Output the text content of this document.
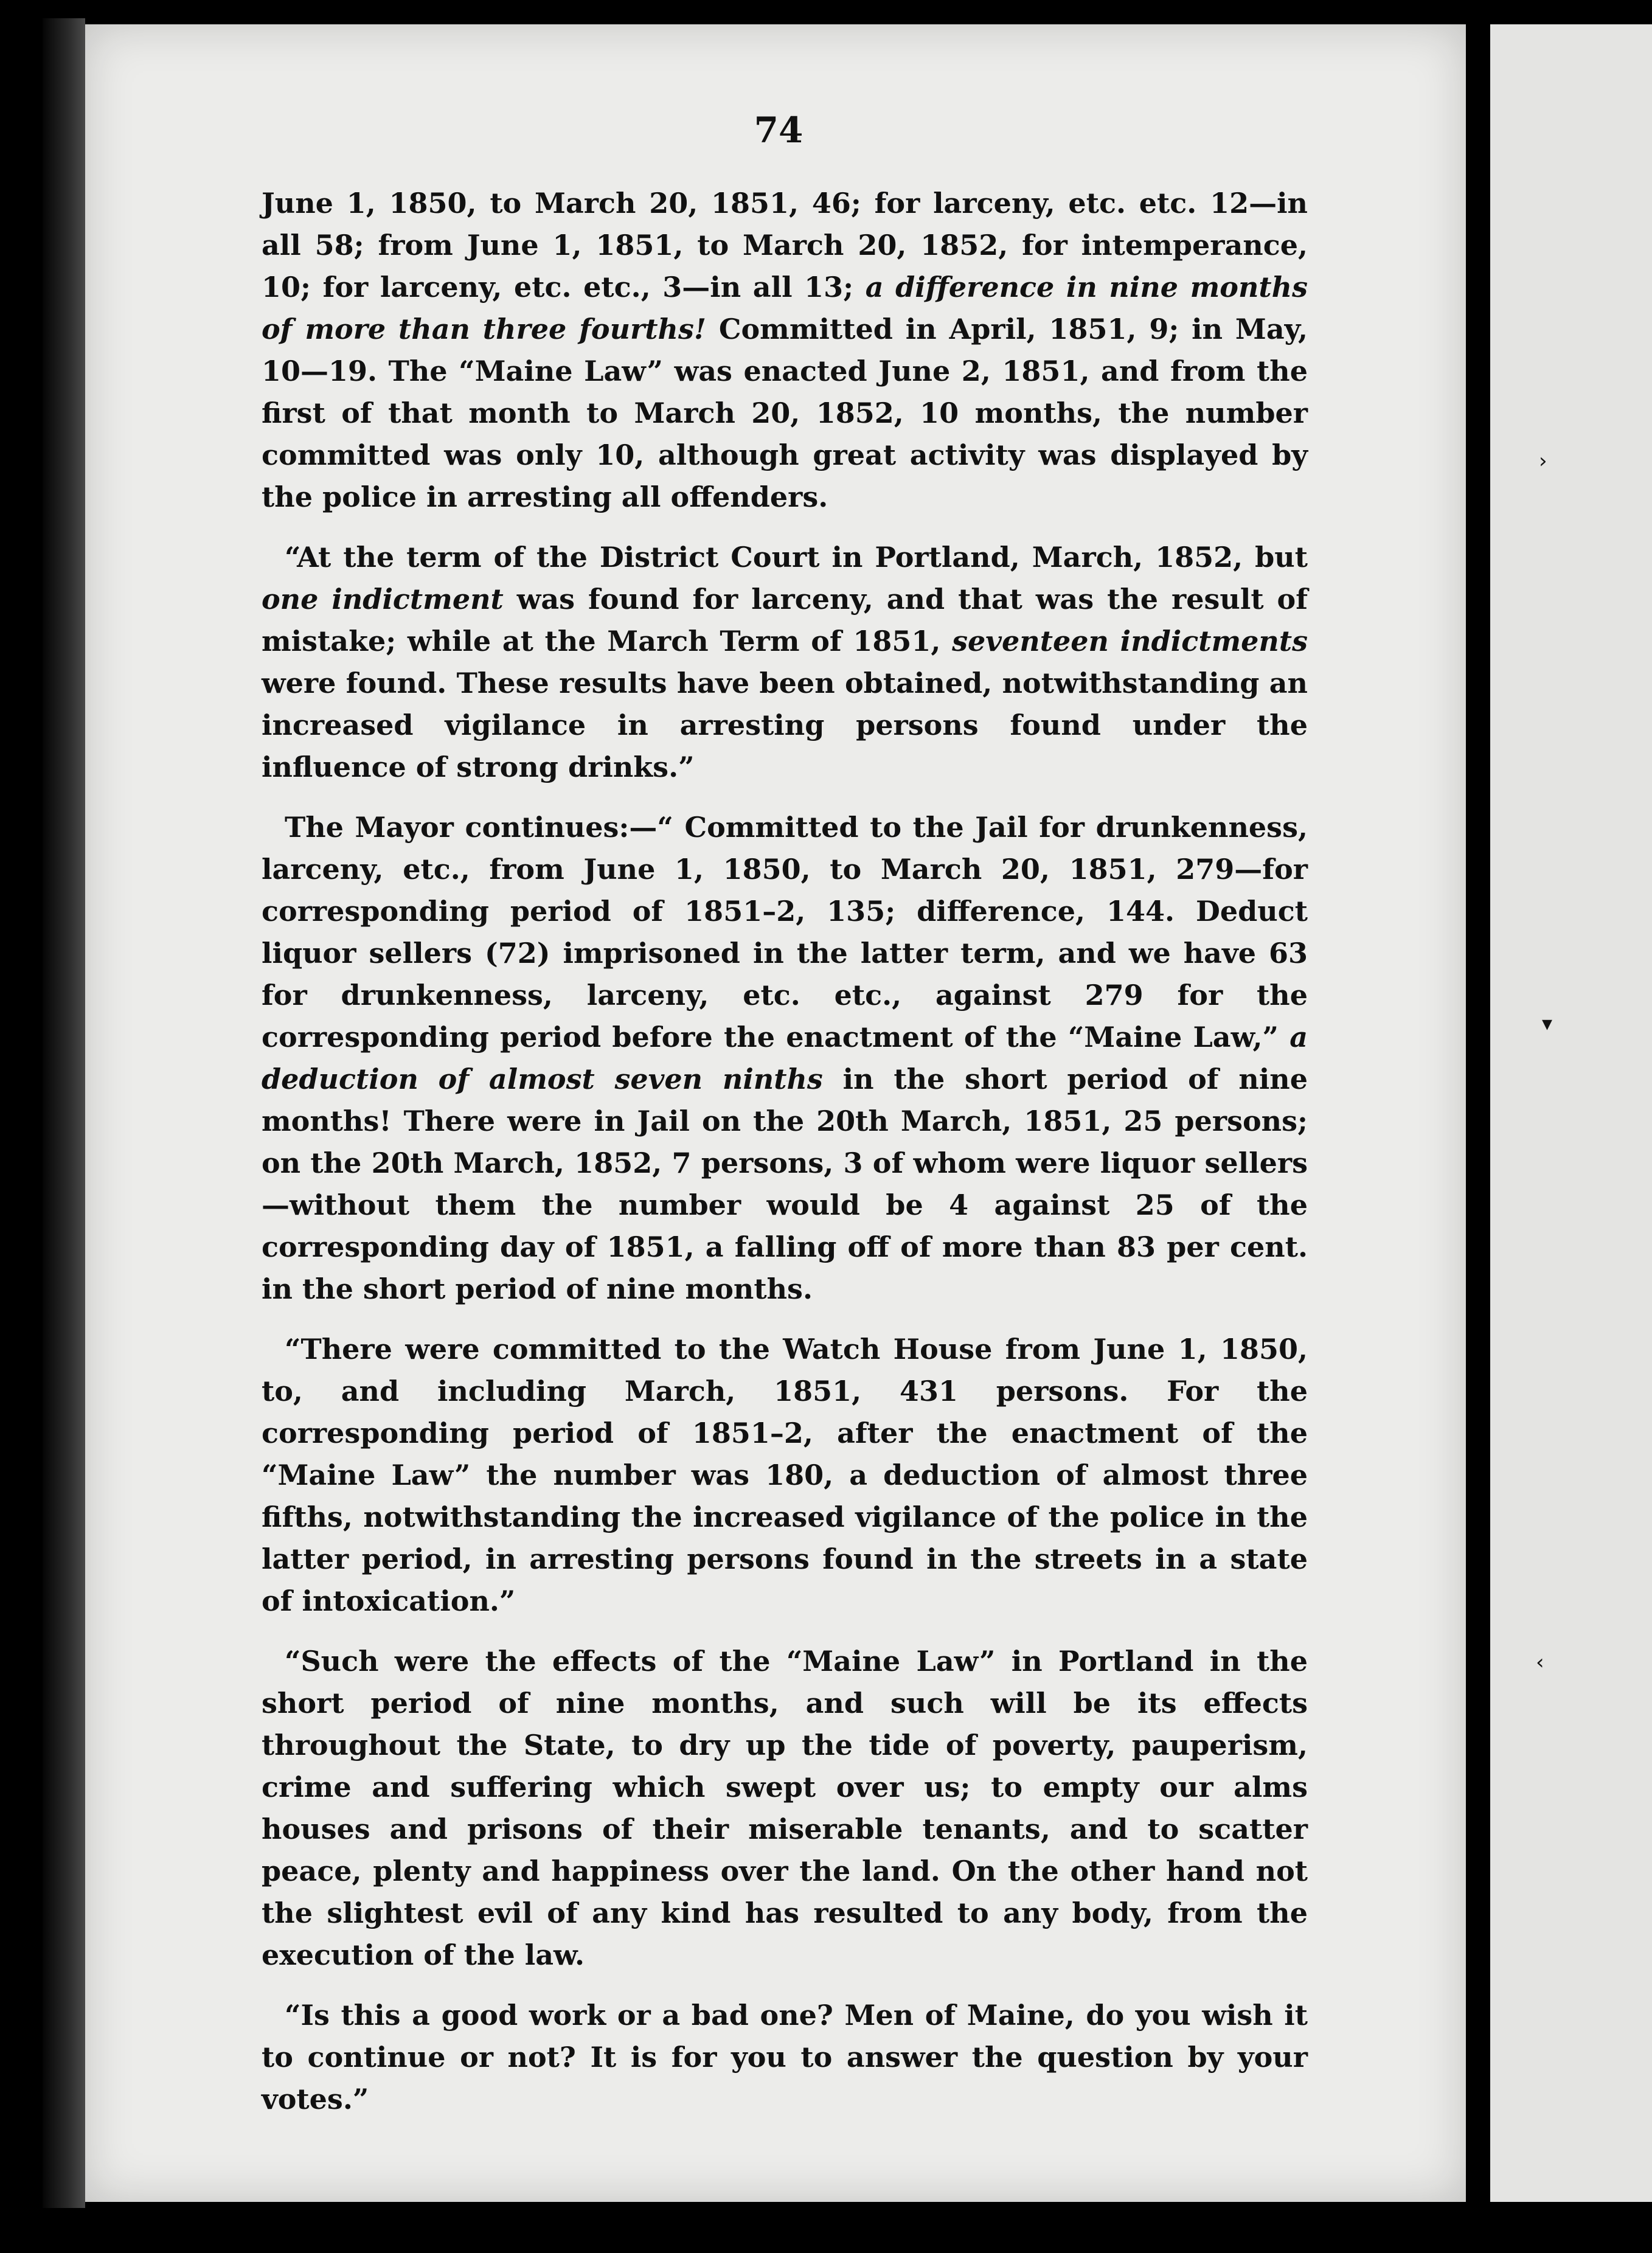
›
▾
‹
74

June 1, 1850, to March 20, 1851, 46; for larceny, etc. etc. 12—in all 58; from June 1, 1851, to March 20, 1852, for intemperance, 10; for larceny, etc. etc., 3—in all 13; a difference in nine months of more than three fourths! Committed in April, 1851, 9; in May, 10—19. The “Maine Law” was enacted June 2, 1851, and from the first of that month to March 20, 1852, 10 months, the number committed was only 10, although great activity was displayed by the police in arresting all offenders.

“At the term of the District Court in Portland, March, 1852, but one indictment was found for larceny, and that was the result of mistake; while at the March Term of 1851, seventeen indictments were found. These results have been obtained, notwithstanding an increased vigilance in arresting persons found under the influence of strong drinks.”

The Mayor continues:—“ Committed to the Jail for drunkenness, larceny, etc., from June 1, 1850, to March 20, 1851, 279—for corresponding period of 1851–2, 135; difference, 144. Deduct liquor sellers (72) imprisoned in the latter term, and we have 63 for drunkenness, larceny, etc. etc., against 279 for the corresponding period before the enactment of the “Maine Law,” a deduction of almost seven ninths in the short period of nine months! There were in Jail on the 20th March, 1851, 25 persons; on the 20th March, 1852, 7 persons, 3 of whom were liquor sellers—without them the number would be 4 against 25 of the corresponding day of 1851, a falling off of more than 83 per cent. in the short period of nine months.

“There were committed to the Watch House from June 1, 1850, to, and including March, 1851, 431 persons. For the corresponding period of 1851–2, after the enactment of the “Maine Law” the number was 180, a deduction of almost three fifths, notwithstanding the increased vigilance of the police in the latter period, in arresting persons found in the streets in a state of intoxication.”

“Such were the effects of the “Maine Law” in Portland in the short period of nine months, and such will be its effects throughout the State, to dry up the tide of poverty, pauperism, crime and suffering which swept over us; to empty our alms houses and prisons of their miserable tenants, and to scatter peace, plenty and happiness over the land. On the other hand not the slightest evil of any kind has resulted to any body, from the execution of the law.

“Is this a good work or a bad one? Men of Maine, do you wish it to continue or not? It is for you to answer the question by your votes.”
